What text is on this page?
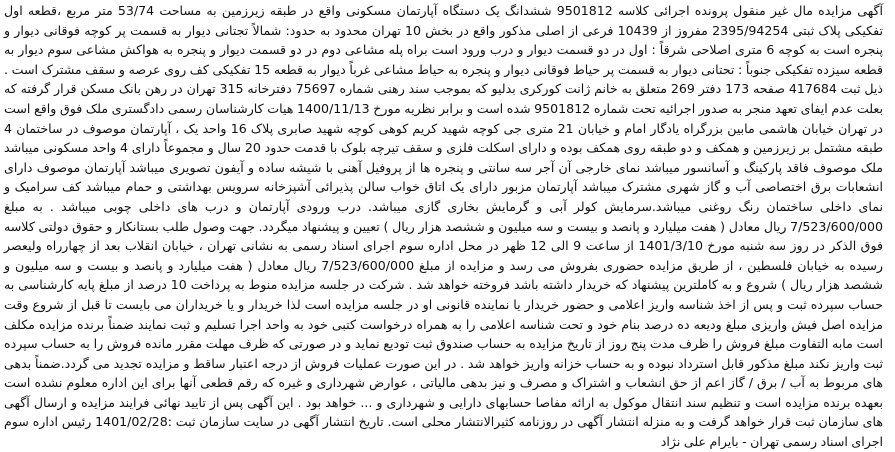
آگهی مزایده مال غیر منقول پرونده اجرائی کلاسه 9501812 ششدانگ یک دستگاه آپارتمان مسکونی واقع در طبقه زیرزمین به مساحت 53/74 متر مربع ،قطعه اول تفکیکی پلاک ثبتی 2395/94254 مفروز از 10439 فرعی از اصلی مذکور واقع در بخش 10 تهران محدود به حدود: شمالاً تجتانی دیوار به قسمت پر کوچه فوقانی دیوار و پنجره است به کوچه 6 متری اصلاحی شرقاً : اول در دو قسمت دیوار و درب ورود است براه پله مشاعی دوم در دو قسمت دیوار و پنجره به هواکش مشاعی سوم دیوار به قطعه سیزده تفکیکی جنوباً : تحتانی دیوار به قسمت پر حیاط فوقانی دیوار و پنجره به حیاط مشاعی غرباً دیوار به قطعه 15 تفکیکی کف روی عرصه و سقف مشترک است . ذیل ثبت 417684 صفحه 173 دفتر 269 متعلق به خانم ژانت کورکری بدلیو که بموجب سند رهنی شماره 75697 دفترخانه 315 تهران در رهن بانک مسکن قرار گرفته که بعلت عدم ایفای تعهد منجر به صدور اجرائیه تحت شماره 9501812 شده است و برابر نظریه مورخ 1400/11/13 هیات کارشناسان رسمی دادگستری ملک فوق واقع است در تهران خیابان هاشمی مابین بزرگراه یادگار امام و خیابان 21 متری جی کوچه شهید کریم کوهی کوچه شهید صابری پلاک 16 واحد یک ، آپارتمان موصوف در ساختمان 4 طبقه مشتمل بر زیرزمین و همکف و دو طبقه روی همکف بوده و دارای اسکلت فلزی و سقف تیرچه بلوک با قدمت حدود 20 سال و مجموعاً دارای 4 واحد مسکونی میباشد ملک موصوف فاقد پارکینگ و آسانسور میباشد نمای خارجی آن آجر سه سانتی و پنجره ها از پروفیل آهنی با شیشه ساده و آیفون تصویری میباشد آپارتمان موصوف دارای انشعابات برق اختصاصی آب و گاز شهری مشترک میباشد آپارتمان مزبور دارای یک اتاق خواب سالن پذیرائی آشپزخانه سرویس بهداشتی و حمام میباشد کف سرامیک و نمای داخلی ساختمان رنگ روغنی میباشد.سرمایش کولر آبی و گرمایش بخاری گازی میباشد. درب ورودی آپارتمان و درب های داخلی چوبی میباشد . به مبلغ 7/523/600/000 ریال معادل ( هفت میلیارد و پانصد و بیست و سه میلیون و ششصد هزار ریال ) تعیین و پیشنهاد میگردد. جهت وصول طلب بستانکار و حقوق دولتی کلاسه فوق الذکر در روز سه شنبه مورخ 1401/3/10 از ساعت 9 الی 12 ظهر در محل اداره سوم اجرای اسناد رسمی به نشانی تهران ، خیابان انقلاب بعد از چهارراه ولیعصر رسیده به خیابان فلسطین ، از طریق مزایده حضوری بفروش می رسد و مزایده از مبلغ 7/523/600/000 ریال معادل ( هفت میلیارد و پانصد و بیست و سه میلیون و ششصد هزار ریال ) شروع و به کاملترین پیشنهاد که خریدار داشته باشد فروخته خواهد شد . شرکت در جلسه مزایده منوط به پرداخت 10 درصد از مبلغ پایه کارشناسی به حساب سپرده ثبت و پس از اخذ شناسه واریز اعلامی و حضور خریدار یا نماینده قانونی او در جلسه مزایده است لذا خریدار و یا خریداران می بایست تا قبل از شروع وقت مزایده اصل فیش واریزی مبلغ ودیعه ده درصد بنام خود و تحت شناسه اعلامی را به همراه درخواست کتبی خود به واحد اجرا تسلیم و ثبت نمایند ضمناً برنده مزایده مکلف است مابه التفاوت مبلغ فروش را ظرف مدت پنج روز از تاریخ مزایده به حساب صندوق ثبت تودیع نماید و در صورتی که ظرف مهلت مقرر مانده فروش را به حساب سپرده ثبت واریز نکند مبلغ مذکور قابل استرداد نبوده و به حساب خزانه واریز خواهد شد . در این صورت عملیات فروش از درجه اعتبار ساقط و مزایده تجدید می گردد.ضمناً بدهی های مربوط به آب / برق / گاز اعم از حق انشعاب و اشتراک و مصرف و نیز بدهی مالیاتی ، عوارض شهرداری و غیره که رقم قطعی آنها برای این اداره معلوم نشده است بعهده برنده مزایده است و تنظیم سند انتقال موکول به ارائه مفاصا حسابهای دارایی و شهرداری و ... خواهد بود . این آگهی پس از تایید نهائی فرایند مزایده و ارسال آگهی های سازمان ثبت قرار خواهد گرفت و به منزله انتشار آگهی در روزنامه کثیرالانتشار محلی است. تاریخ انتشار آگهی در سایت سازمان ثبت :1401/02/28 رئیس اداره سوم اجرای اسناد رسمی تهران - بایرام علی نژاد
